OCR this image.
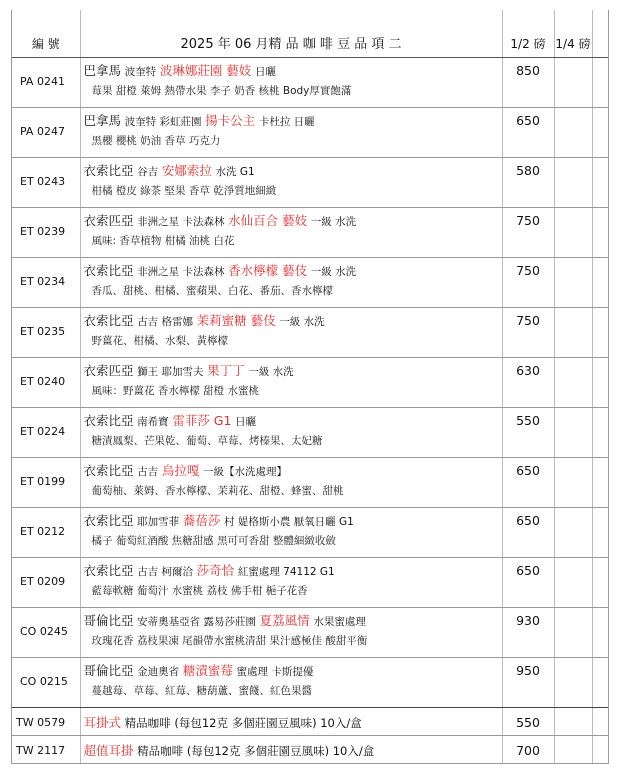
編 號	2025 年 06 月精 品 咖 啡 豆 品 項 二	1/2 磅	1/4 磅	
PA 0241	巴拿馬 波奎特 波琳娜莊園 藝妓 日曬
莓果 甜橙 萊姆 熱帶水果 李子 奶香 核桃 Body厚實飽滿	850		
PA 0247	巴拿馬 波奎特 彩虹莊園 揚卡公主 卡杜拉 日曬
黑櫻 櫻桃 奶油 香草 巧克力	650		
ET 0243	衣索比亞 谷吉 安娜索拉 水洗 G1
柑橘 橙皮 綠茶 堅果 香草 乾淨質地細緻	580		
ET 0239	衣索匹亞 非洲之星 卡法森林 水仙百合 藝妓 一級 水洗
風味: 香草植物 柑橘 油桃 白花	750		
ET 0234	衣索比亞 非洲之星 卡法森林 香水檸檬 藝伎 一級 水洗
香瓜、甜桃、柑橘、蜜蘋果、白花、番茄、香水檸檬	750		
ET 0235	衣索比亞 古吉 格雷娜 茉莉蜜糖 藝伎 一級 水洗
野薑花、柑橘、水梨、黃檸檬	750		
ET 0240	衣索匹亞 獅王 耶加雪夫 果丁丁 一級 水洗
風味：野薑花 香水檸檬 甜橙 水蜜桃	630		
ET 0224	衣索比亞 南希寶 雷菲莎 G1 日曬
糖漬鳳梨、芒果乾、葡萄、草莓、烤榛果、太妃糖	550		
ET 0199	衣索比亞 古吉 烏拉嘎 一級【水洗處理】
葡萄柚、萊姆、香水檸檬、茉莉花、甜橙、蜂蜜、甜桃	650		
ET 0212	衣索比亞 耶加雪菲 蕎蓓莎 村 媞格斯小農 厭氧日曬 G1
橘子 葡萄紅酒酸 焦糖甜感 黑可可香甜 整體細緻收斂	650		
ET 0209	衣索比亞 古吉 柯爾洽 莎奇恰 紅蜜處理 74112 G1
藍莓軟糖 葡萄汁 水蜜桃 荔枝 佛手柑 梔子花香	650		
CO 0245	哥倫比亞 安蒂奧基亞省 露易莎莊園 夏荔風情 水果蜜處理
玫瑰花香 荔枝果凍 尾韻帶水蜜桃清甜 果汁感極佳 酸甜平衡	930		
CO 0215	哥倫比亞 金迪奧省 糖漬蜜莓 蜜處理 卡斯提優
蔓越莓、草莓、紅莓、糖葫蘆、蜜餞、紅色果醬	950		
TW 0579	耳掛式 精品咖啡 (每包12克 多個莊園豆風味) 10入/盒	550		
TW 2117	超值耳掛 精品咖啡 (每包12克 多個莊園豆風味) 10入/盒	700		
